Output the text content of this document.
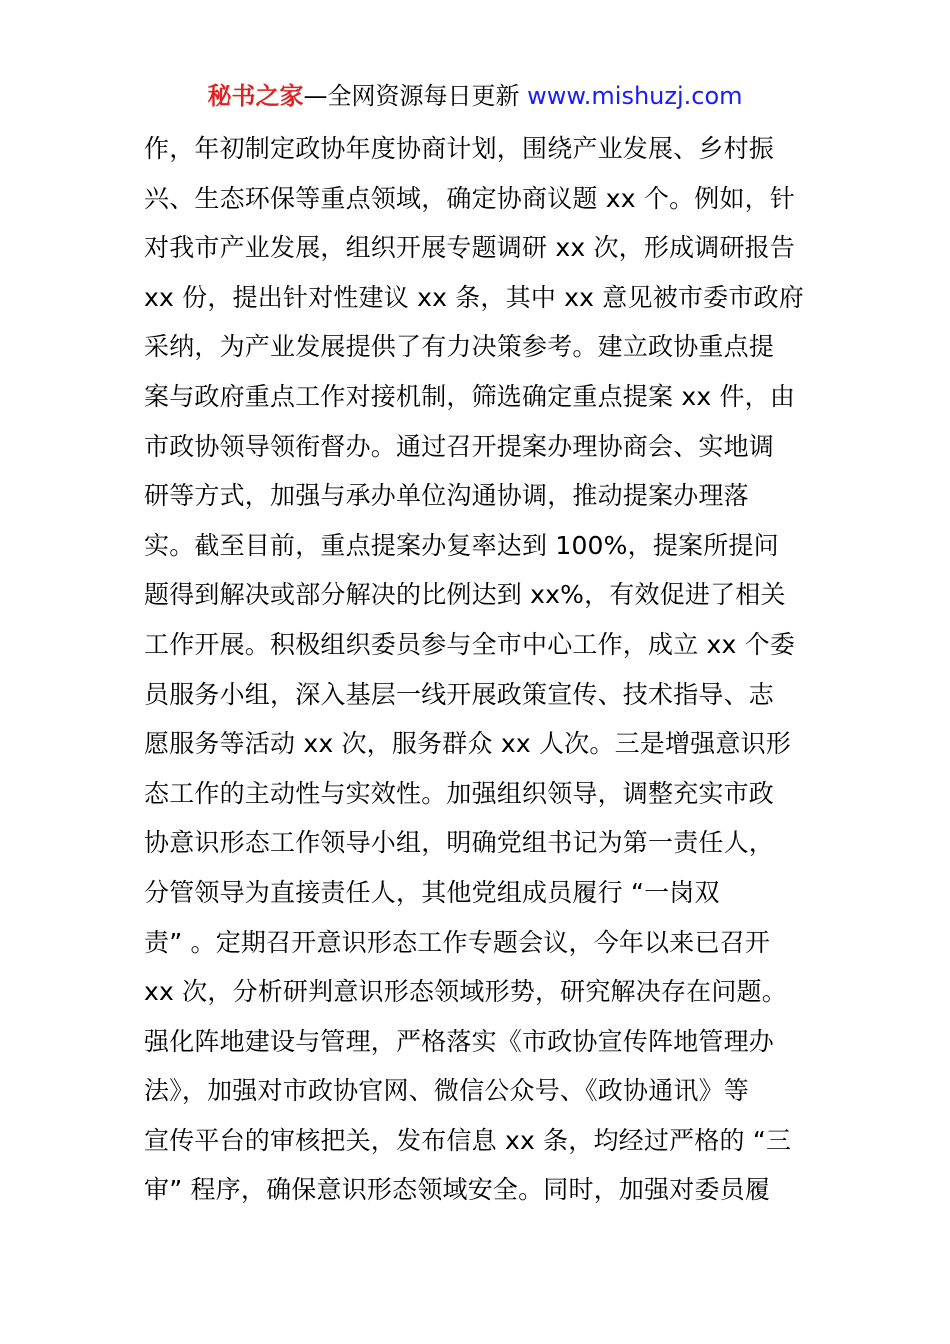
秘书之家—全网资源每日更新 www.mishuzj.com
作，年初制定政协年度协商计划，围绕产业发展、乡村振
兴、生态环保等重点领域，确定协商议题 xx 个。例如，针
对我市产业发展，组织开展专题调研 xx 次，形成调研报告
xx 份，提出针对性建议 xx 条，其中 xx 意见被市委市政府
采纳，为产业发展提供了有力决策参考。建立政协重点提
案与政府重点工作对接机制，筛选确定重点提案 xx 件，由
市政协领导领衔督办。通过召开提案办理协商会、实地调
研等方式，加强与承办单位沟通协调，推动提案办理落
实。截至目前，重点提案办复率达到 100%，提案所提问
题得到解决或部分解决的比例达到 xx%，有效促进了相关
工作开展。积极组织委员参与全市中心工作，成立 xx 个委
员服务小组，深入基层一线开展政策宣传、技术指导、志
愿服务等活动 xx 次，服务群众 xx 人次。三是增强意识形
态工作的主动性与实效性。加强组织领导，调整充实市政
协意识形态工作领导小组，明确党组书记为第一责任人，
分管领导为直接责任人，其他党组成员履行 “一岗双
责” 。定期召开意识形态工作专题会议，今年以来已召开
xx 次，分析研判意识形态领域形势，研究解决存在问题。
强化阵地建设与管理，严格落实《市政协宣传阵地管理办
法》，加强对市政协官网、微信公众号、《政协通讯》等
宣传平台的审核把关，发布信息 xx 条，均经过严格的 “三
审” 程序，确保意识形态领域安全。同时，加强对委员履
